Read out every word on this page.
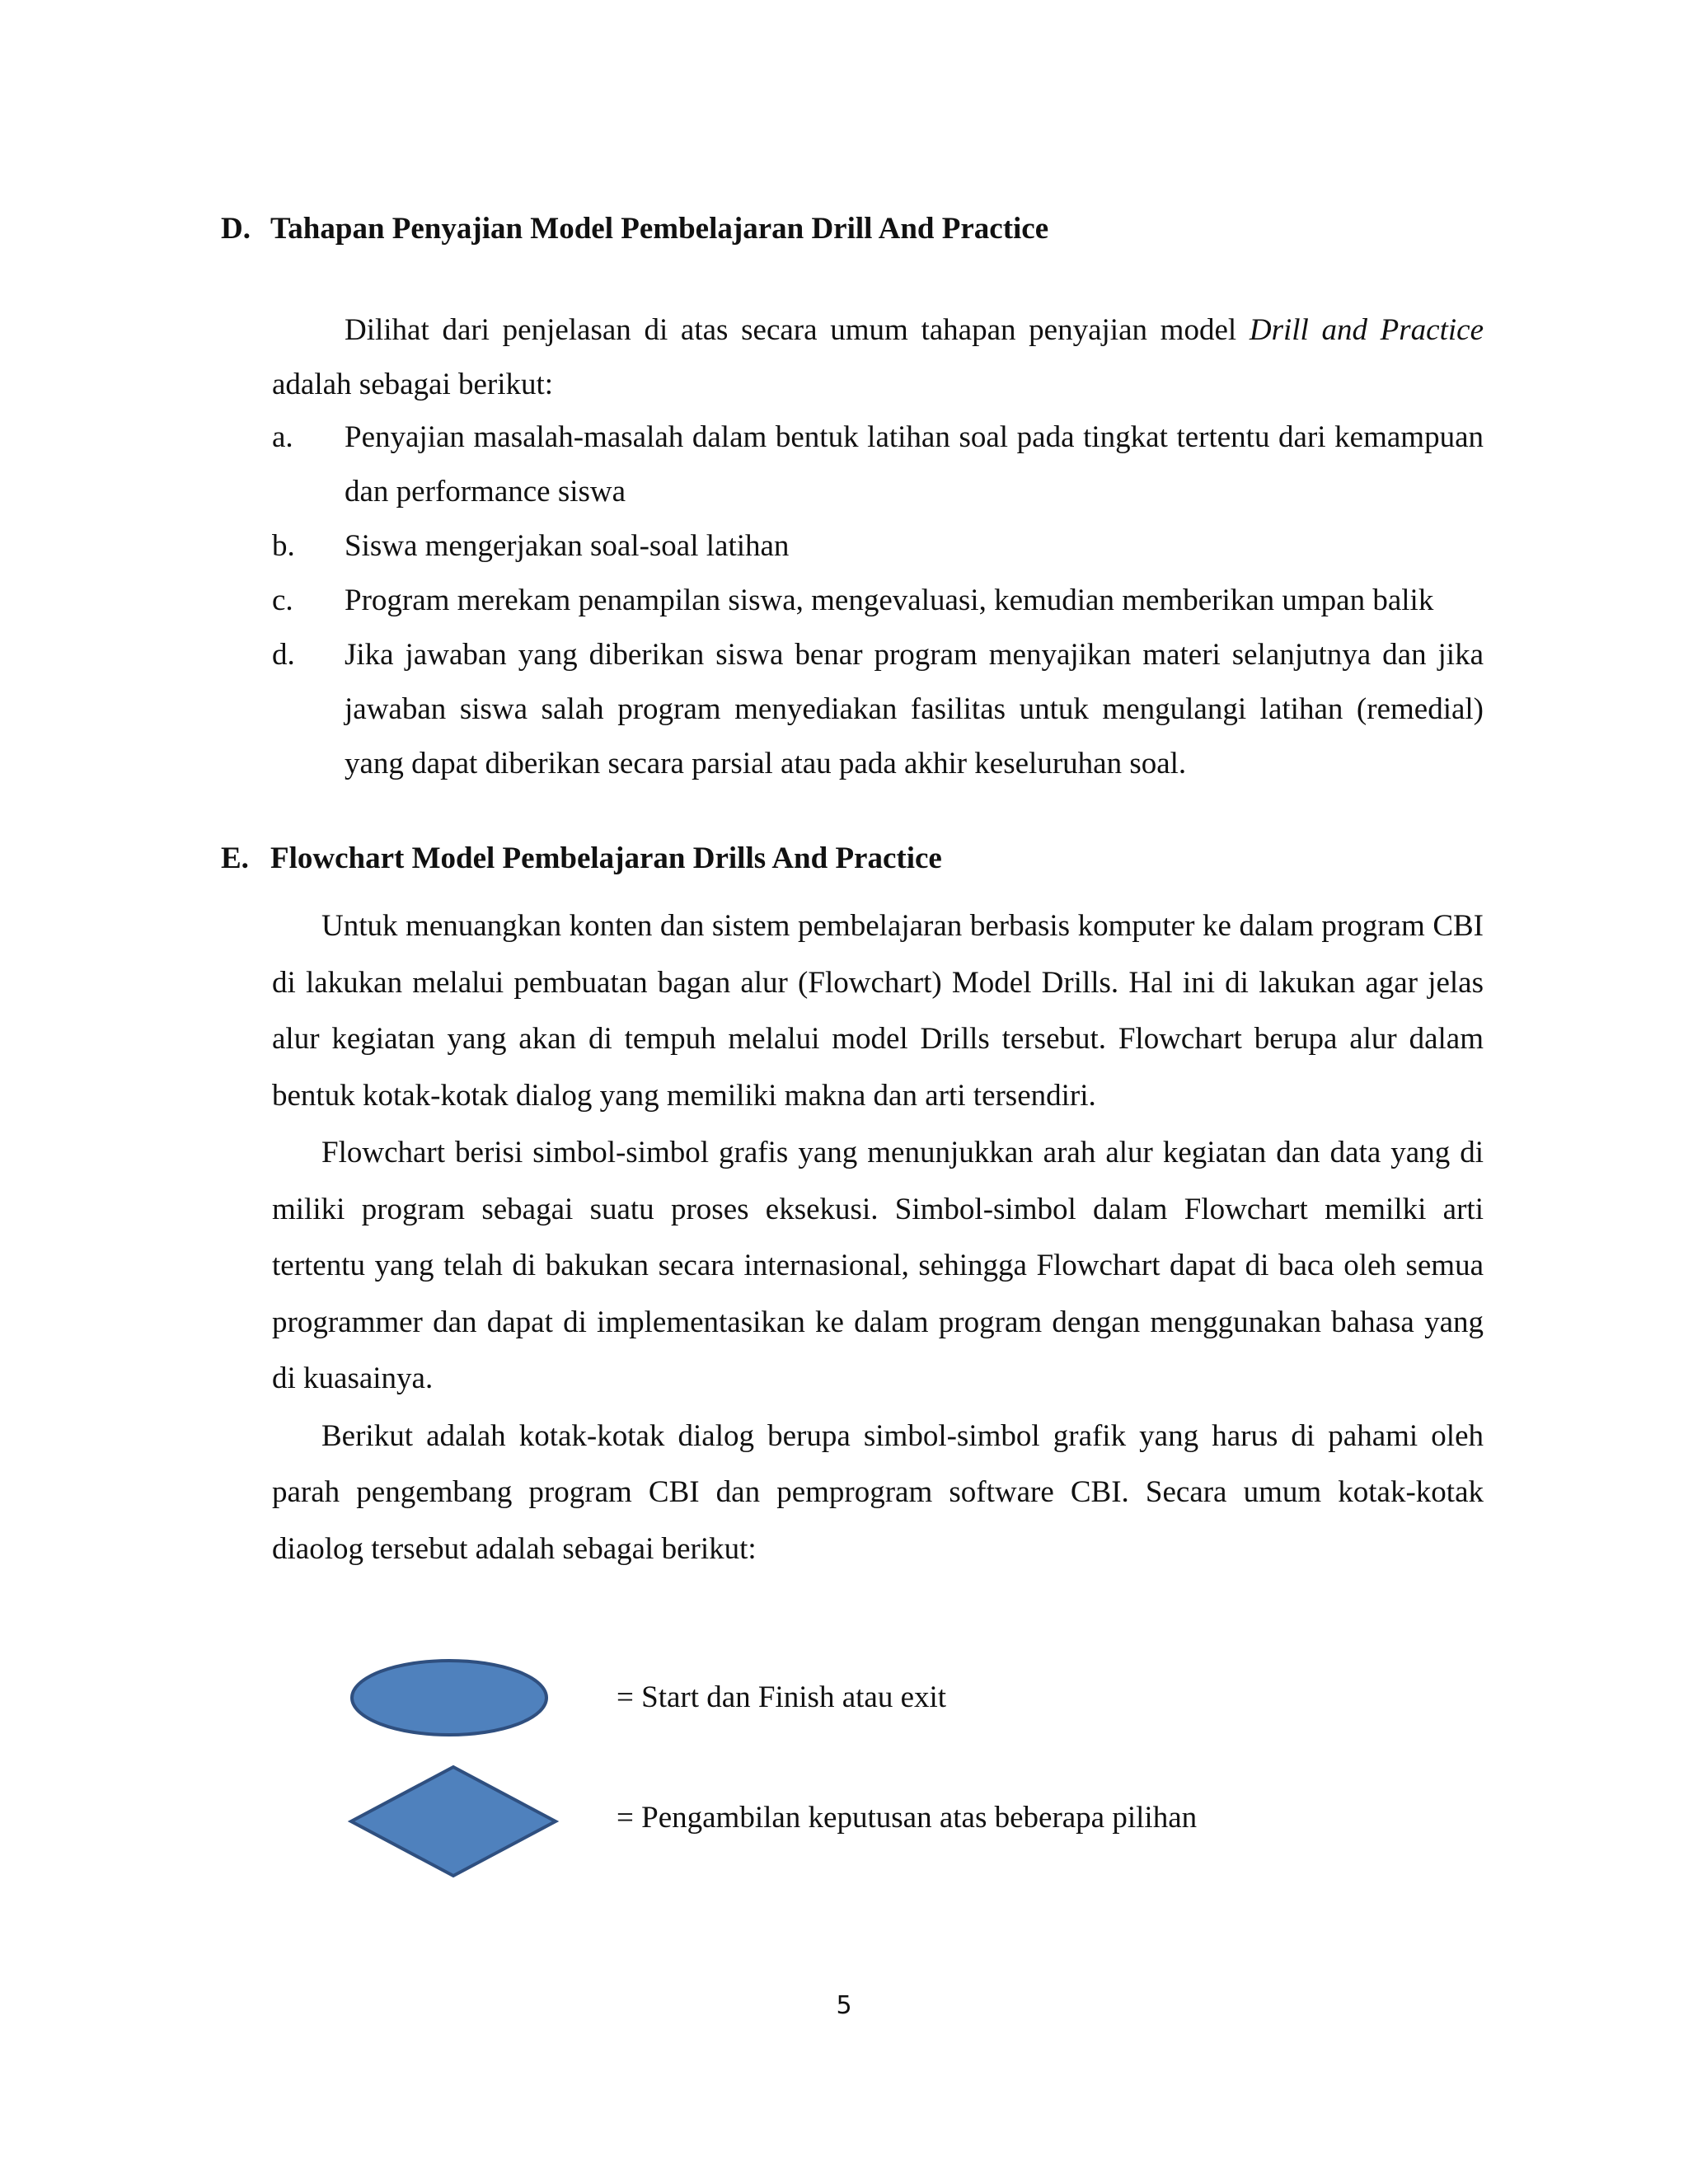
D. Tahapan Penyajian Model Pembelajaran Drill And Practice

Dilihat dari penjelasan di atas secara umum tahapan penyajian model Drill and Practice adalah sebagai berikut:

a. Penyajian masalah-masalah dalam bentuk latihan soal pada tingkat tertentu dari kemampuan dan performance siswa
b. Siswa mengerjakan soal-soal latihan
c. Program merekam penampilan siswa, mengevaluasi, kemudian memberikan umpan balik
d. Jika jawaban yang diberikan siswa benar program menyajikan materi selanjutnya dan jika jawaban siswa salah program menyediakan fasilitas untuk mengulangi latihan (remedial) yang dapat diberikan secara parsial atau pada akhir keseluruhan soal.
E. Flowchart Model Pembelajaran Drills And Practice

Untuk menuangkan konten dan sistem pembelajaran berbasis komputer ke dalam program CBI di lakukan melalui pembuatan bagan alur (Flowchart) Model Drills. Hal ini di lakukan agar jelas alur kegiatan yang akan di tempuh melalui model Drills tersebut. Flowchart berupa alur dalam bentuk kotak-kotak dialog yang memiliki makna dan arti tersendiri.

Flowchart berisi simbol-simbol grafis yang menunjukkan arah alur kegiatan dan data yang di miliki program sebagai suatu proses eksekusi. Simbol-simbol dalam Flowchart memilki arti tertentu yang telah di bakukan secara internasional, sehingga Flowchart dapat di baca oleh semua programmer dan dapat di implementasikan ke dalam program dengan menggunakan bahasa yang di kuasainya.

Berikut adalah kotak-kotak dialog berupa simbol-simbol grafik yang harus di pahami oleh parah pengembang program CBI dan pemprogram software CBI. Secara umum kotak-kotak diaolog tersebut adalah sebagai berikut:

= Start dan Finish atau exit
= Pengambilan keputusan atas beberapa pilihan
5
